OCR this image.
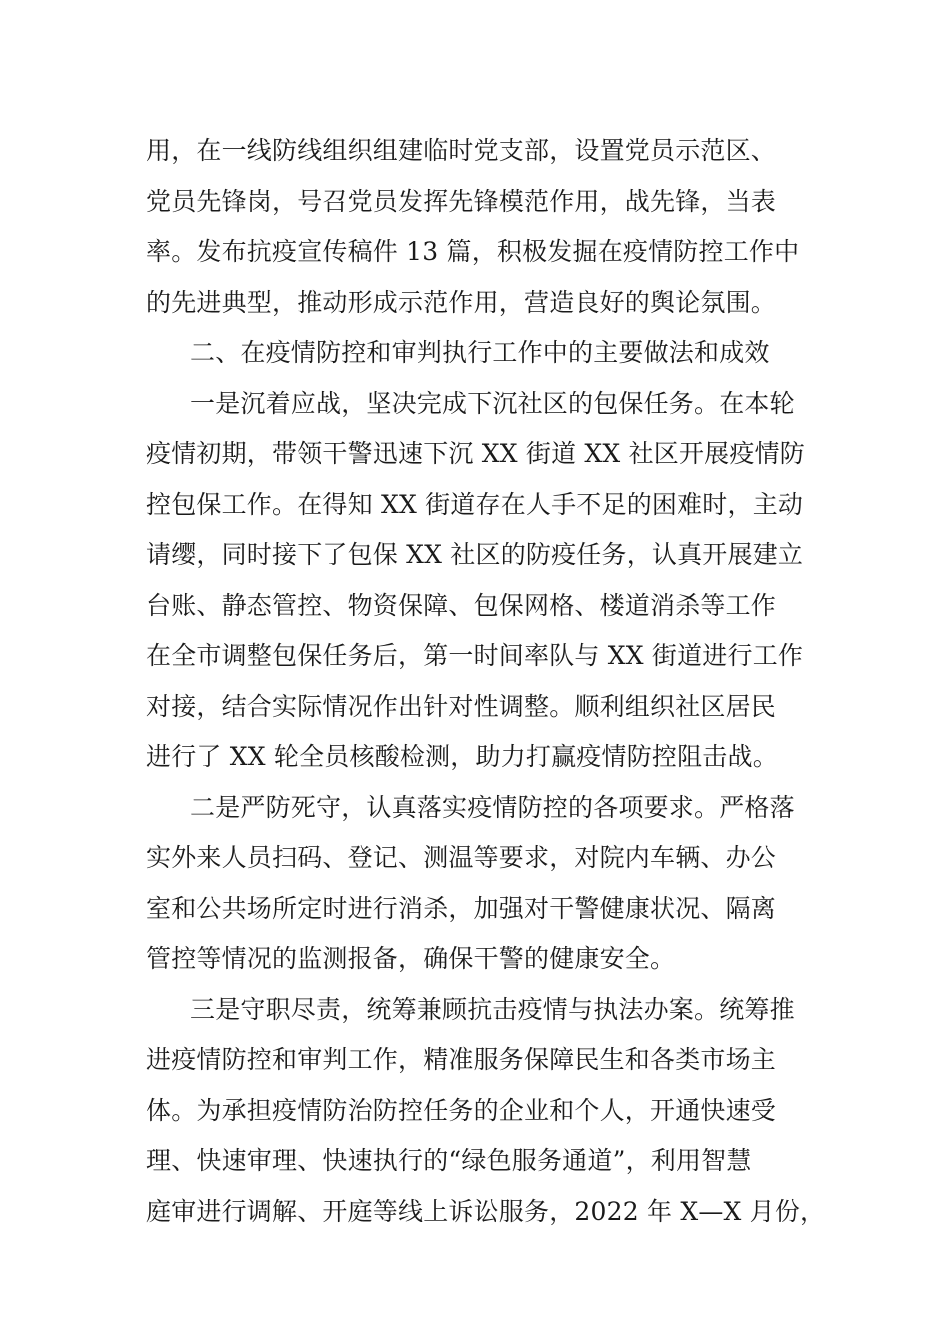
用，在一线防线组织组建临时党支部，设置党员示范区、
党员先锋岗，号召党员发挥先锋模范作用，战先锋，当表
率。发布抗疫宣传稿件 13 篇，积极发掘在疫情防控工作中
的先进典型，推动形成示范作用，营造良好的舆论氛围。
二、在疫情防控和审判执行工作中的主要做法和成效
一是沉着应战，坚决完成下沉社区的包保任务。在本轮
疫情初期，带领干警迅速下沉 XX 街道 XX 社区开展疫情防
控包保工作。在得知 XX 街道存在人手不足的困难时，主动
请缨，同时接下了包保 XX 社区的防疫任务，认真开展建立
台账、静态管控、物资保障、包保网格、楼道消杀等工作
在全市调整包保任务后，第一时间率队与 XX 街道进行工作
对接，结合实际情况作出针对性调整。顺利组织社区居民
进行了 XX 轮全员核酸检测，助力打赢疫情防控阻击战。
二是严防死守，认真落实疫情防控的各项要求。严格落
实外来人员扫码、登记、测温等要求，对院内车辆、办公
室和公共场所定时进行消杀，加强对干警健康状况、隔离
管控等情况的监测报备，确保干警的健康安全。
三是守职尽责，统筹兼顾抗击疫情与执法办案。统筹推
进疫情防控和审判工作，精准服务保障民生和各类市场主
体。为承担疫情防治防控任务的企业和个人，开通快速受
理、快速审理、快速执行的“绿色服务通道”，利用智慧
庭审进行调解、开庭等线上诉讼服务，2022 年 X—X 月份，
